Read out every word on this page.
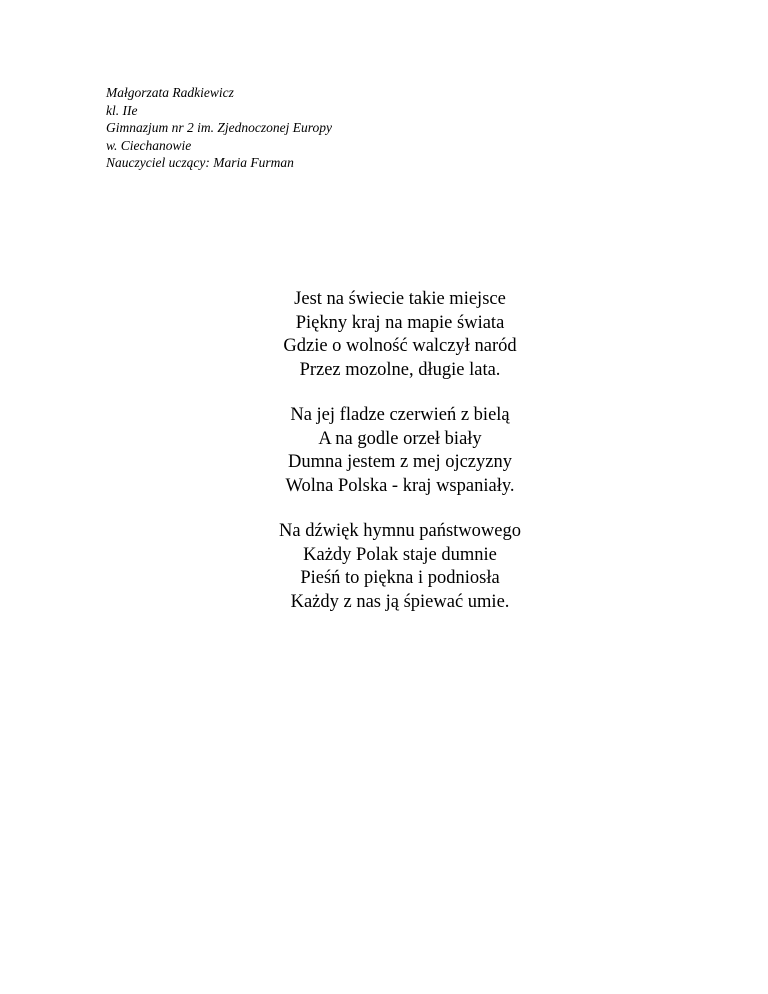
Małgorzata Radkiewicz
kl. IIe
Gimnazjum nr 2 im. Zjednoczonej Europy
w. Ciechanowie
Nauczyciel uczący: Maria Furman
Jest na świecie takie miejsce
Piękny kraj na mapie świata
Gdzie o wolność walczył naród
Przez mozolne, długie lata.
Na jej fladze czerwień z bielą
A na godle orzeł biały
Dumna jestem z mej ojczyzny
Wolna Polska - kraj wspaniały.
Na dźwięk hymnu państwowego
Każdy Polak staje dumnie
Pieśń to piękna i podniosła
Każdy z nas ją śpiewać umie.
